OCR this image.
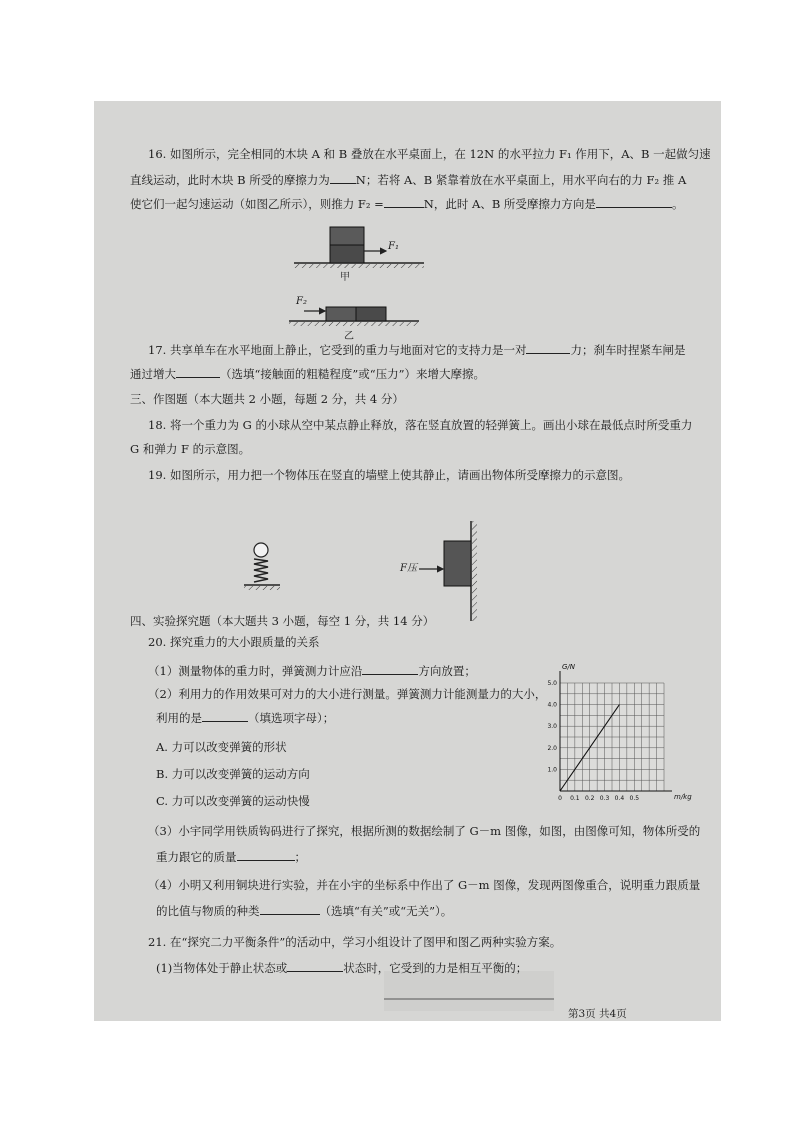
1.0
2.0
3.0
4.0
5.0
0 0.1 0.2 0.3 0.4 0.5
G/N
m/kg
16. 如图所示，完全相同的木块 A 和 B 叠放在水平桌面上，在 12N 的水平拉力 F₁ 作用下，A、B 一起做匀速
直线运动，此时木块 B 所受的摩擦力为 N；若将 A、B 紧靠着放在水平桌面上，用水平向右的力 F₂ 推 A
使它们一起匀速运动（如图乙所示），则推力 F₂ =	N，此时 A、B 所受摩擦力方向是	。
F₁
甲
F₂
乙
17. 共享单车在水平地面上静止，它受到的重力与地面对它的支持力是一对	力；刹车时捏紧车闸是
通过增大	（选填“接触面的粗糙程度”或“压力”）来增大摩擦。
三、作图题（本大题共 2 小题，每题 2 分，共 4 分）
18. 将一个重力为 G 的小球从空中某点静止释放，落在竖直放置的轻弹簧上。画出小球在最低点时所受重力
G 和弹力 F 的示意图。
19. 如图所示，用力把一个物体压在竖直的墙壁上使其静止，请画出物体所受摩擦力的示意图。
F压
四、实验探究题（本大题共 3 小题，每空 1 分，共 14 分）
20. 探究重力的大小跟质量的关系
（1）测量物体的重力时，弹簧测力计应沿	方向放置；
（2）利用力的作用效果可对力的大小进行测量。弹簧测力计能测量力的大小，
利用的是	（填选项字母）；
A. 力可以改变弹簧的形状
B. 力可以改变弹簧的运动方向
C. 力可以改变弹簧的运动快慢
（3）小宇同学用铁质钩码进行了探究，根据所测的数据绘制了 G－m 图像，如图，由图像可知，物体所受的
重力跟它的质量	；
（4）小明又利用铜块进行实验，并在小宇的坐标系中作出了 G－m 图像，发现两图像重合，说明重力跟质量
的比值与物质的种类	（选填“有关”或“无关”）。
21. 在“探究二力平衡条件”的活动中，学习小组设计了图甲和图乙两种实验方案。
(1)当物体处于静止状态或	状态时，它受到的力是相互平衡的；
第3页 共4页
